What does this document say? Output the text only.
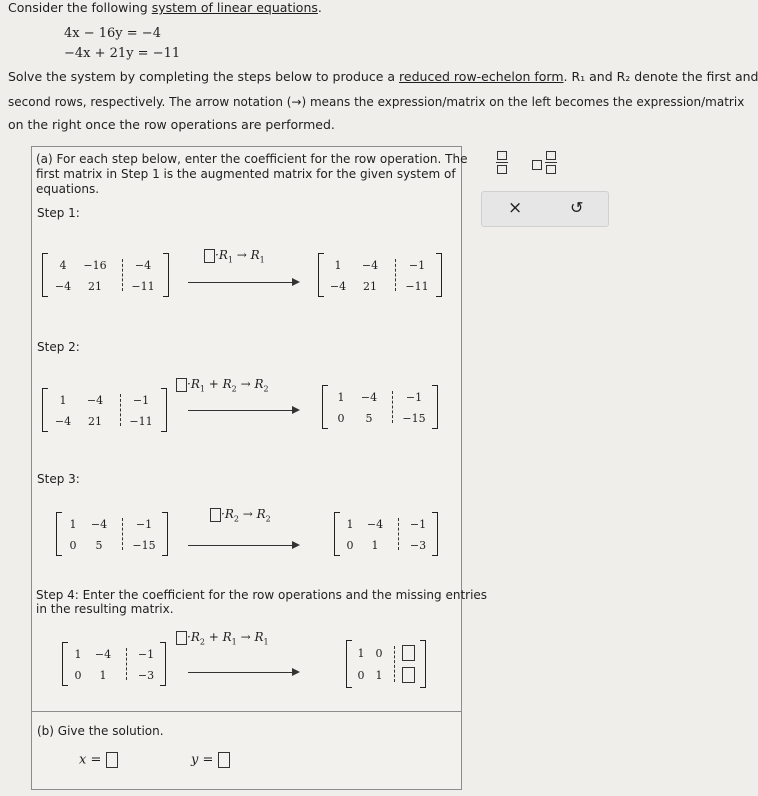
Consider the following system of linear equations.
4x − 16y = −4
−4x + 21y = −11
Solve the system by completing the steps below to produce a reduced row-echelon form. R₁ and R₂ denote the first and
second rows, respectively. The arrow notation (→) means the expression/matrix on the left becomes the expression/matrix
on the right once the row operations are performed.
(a) For each step below, enter the coefficient for the row operation. The
first matrix in Step 1 is the augmented matrix for the given system of
equations.
×	↺
Step 1:
4	−16	−4
−4	21	−11
$\cdot R_1 \to R_1$	1	−4	−1
−4	21	−11
Step 2:
1	−4	−1
−4	21	−11
$\cdot R_1 + R_2 \to R_2$
1	−4	−1
0	5	−15
Step 3:
1	−4	−1
0	5	−15
$\cdot R_2 \to R_2$	1	−4	−1
0	1	−3
Step 4: Enter the coefficient for the row operations and the missing entries
in the resulting matrix.
1	−4	−1
0	1	−3
$\cdot R_2 + R_1 \to R_1$
1	0
0	1
(b) Give the solution.
x =	y =
